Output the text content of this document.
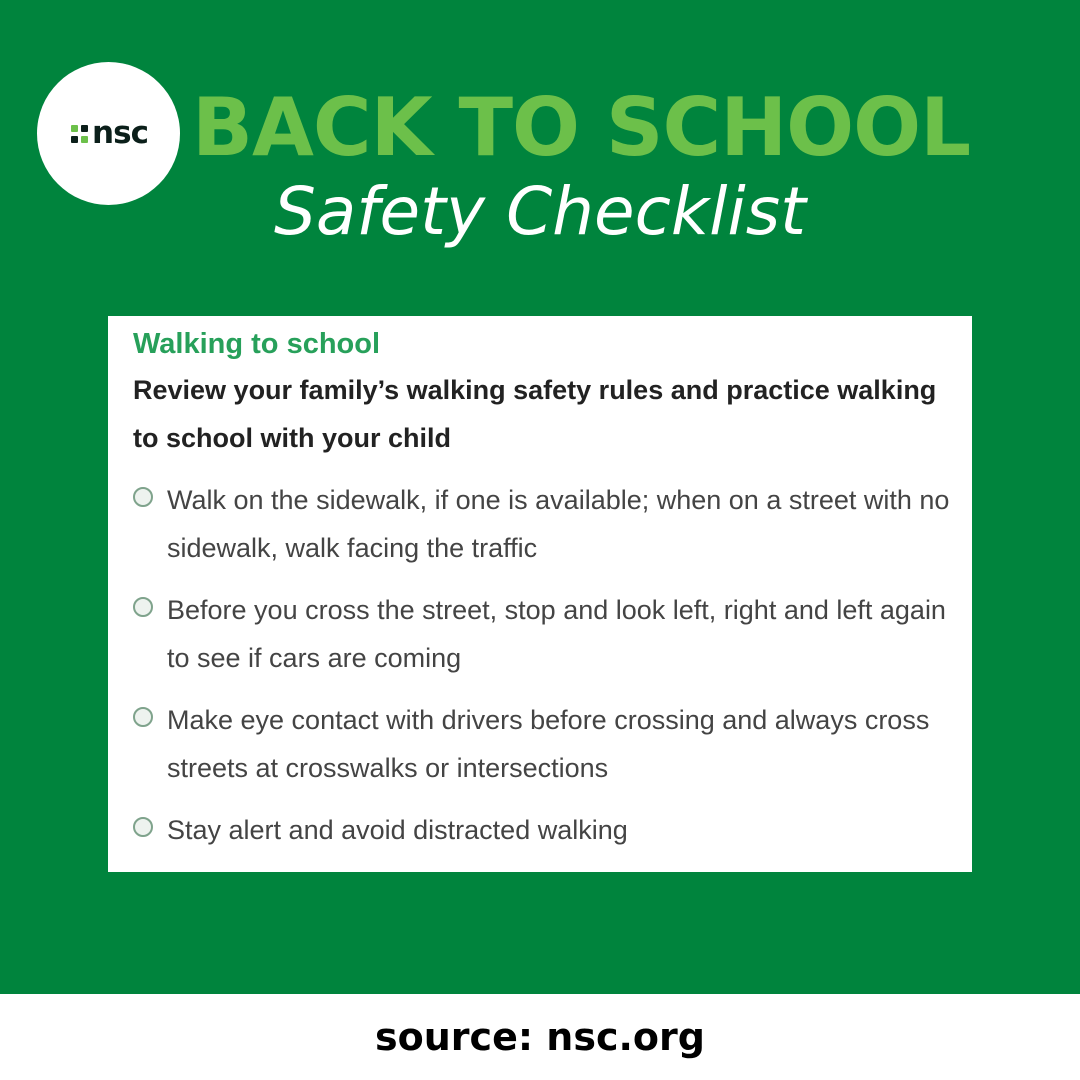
nsc BACK TO SCHOOL
Safety Checklist
Walking to school

Review your family’s walking safety rules and practice walking to school with your child

Walk on the sidewalk, if one is available; when on a street with no sidewalk, walk facing the traffic
Before you cross the street, stop and look left, right and left again to see if cars are coming
Make eye contact with drivers before crossing and always cross streets at crosswalks or intersections
Stay alert and avoid distracted walking
source: nsc.org
